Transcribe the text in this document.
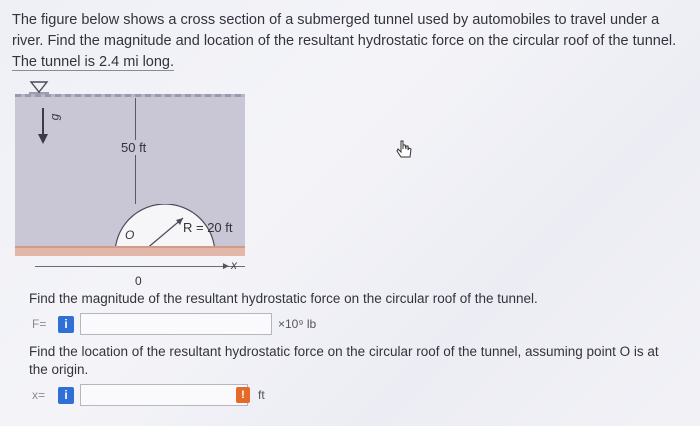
The figure below shows a cross section of a submerged tunnel used by automobiles to travel under a river. Find the magnitude and location of the resultant hydrostatic force on the circular roof of the tunnel. The tunnel is 2.4 mi long.
g
50 ft
O	R = 20 ft
► x
0
Find the magnitude of the resultant hydrostatic force on the circular roof of the tunnel.
F=	i	×10⁹ lb
Find the location of the resultant hydrostatic force on the circular roof of the tunnel, assuming point O is at the origin.
x=	i	!	ft
